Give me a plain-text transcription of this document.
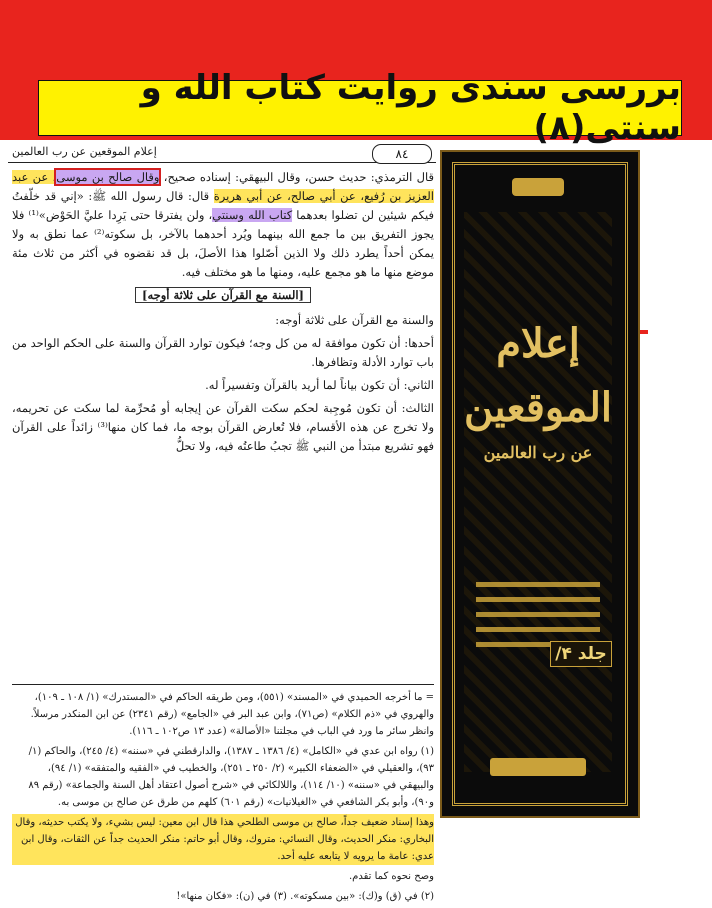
بررسی سندی روایت کتاب الله و سنتی(۸)
إعلام الموقعين عن رب العالمين	٨٤

قال الترمذي: حديث حسن، وقال البيهقي: إسناده صحيح، وقال صالح بن موسى، عن عبد العزيز بن رُفيع، عن أبي صالح، عن أبي هريرة قال: قال رسول الله ﷺ: «إني قد خلّفتُ فيكم شيئين لن تضلوا بعدهما كتاب الله وسنتي، ولن يفترقا حتى يَرِدا عليَّ الحَوْض»⁽¹⁾ فلا يجوز التفريق بين ما جمع الله بينهما ويُرد أحدهما بالآخر، بل سكوته⁽²⁾ عما نطق به ولا يمكن أحداً يطرد ذلك ولا الذين أصّلوا هذا الأصلَ، بل قد نقضوه في أكثر من ثلاث مئة موضع منها ما هو مجمع عليه، ومنها ما هو مختلف فيه.

[السنة مع القرآن على ثلاثة أوجه]

والسنة مع القرآن على ثلاثة أوجه:

أحدها: أن تكون موافقة له من كل وجه؛ فيكون توارد القرآن والسنة على الحكم الواحد من باب توارد الأدلة وتظافرها.

الثاني: أن تكون بياناً لما أريد بالقرآن وتفسيراً له.

الثالث: أن تكون مُوجِبة لحكم سكت القرآن عن إيجابه أو مُحرِّمة لما سكت عن تحريمه، ولا تخرج عن هذه الأقسام، فلا تُعارض القرآن بوجه ما، فما كان منها⁽³⁾ زائداً على القرآن فهو تشريع مبتدأ من النبي ﷺ تجبُ طاعتُه فيه، ولا تحلُّ

= ما أخرجه الحميدي في «المسند» (٥٥١)، ومن طريقه الحاكم في «المستدرك» (١/ ١٠٨ ـ ١٠٩)، والهروي في «ذم الكلام» (ص٧١)، وابن عبد البر في «الجامع» (رقم ٢٣٤١) عن ابن المنكدر مرسلاً. وانظر سائر ما ورد في الباب في مجلتنا «الأصالة» (عدد ١٣ ص١٠٢ ـ ١١٦).

(١) رواه ابن عدي في «الكامل» (٤/ ١٣٨٦ ـ ١٣٨٧)، والدارقطني في «سننه» (٤/ ٢٤٥)، والحاكم (١/ ٩٣)، والعقيلي في «الضعفاء الكبير» (٢/ ٢٥٠ ـ ٢٥١)، والخطيب في «الفقيه والمتفقه» (١/ ٩٤)، والبيهقي في «سننه» (١٠/ ١١٤)، واللالكائي في «شرح أصول اعتقاد أهل السنة والجماعة» (رقم ٨٩ و٩٠)، وأبو بكر الشافعي في «الغيلانيات» (رقم ٦٠١) كلهم من طرق عن صالح بن موسى به.

وهذا إسناد ضعيف جداً، صالح بن موسى الطلحي هذا قال ابن معين: ليس بشيء، ولا يكتب حديثه، وقال البخاري: منكر الحديث، وقال النسائي: متروك، وقال أبو حاتم: منكر الحديث جداً عن الثقات، وقال ابن عدي: عامة ما يرويه لا يتابعه عليه أحد.

وصح نحوه كما تقدم.

(٢) في (ق) و(ك): «بين مسكوته». (٣) في (ن): «فكان منها»!

إعلام
الموقعين
عن رب العالمين
جلد ۴/
